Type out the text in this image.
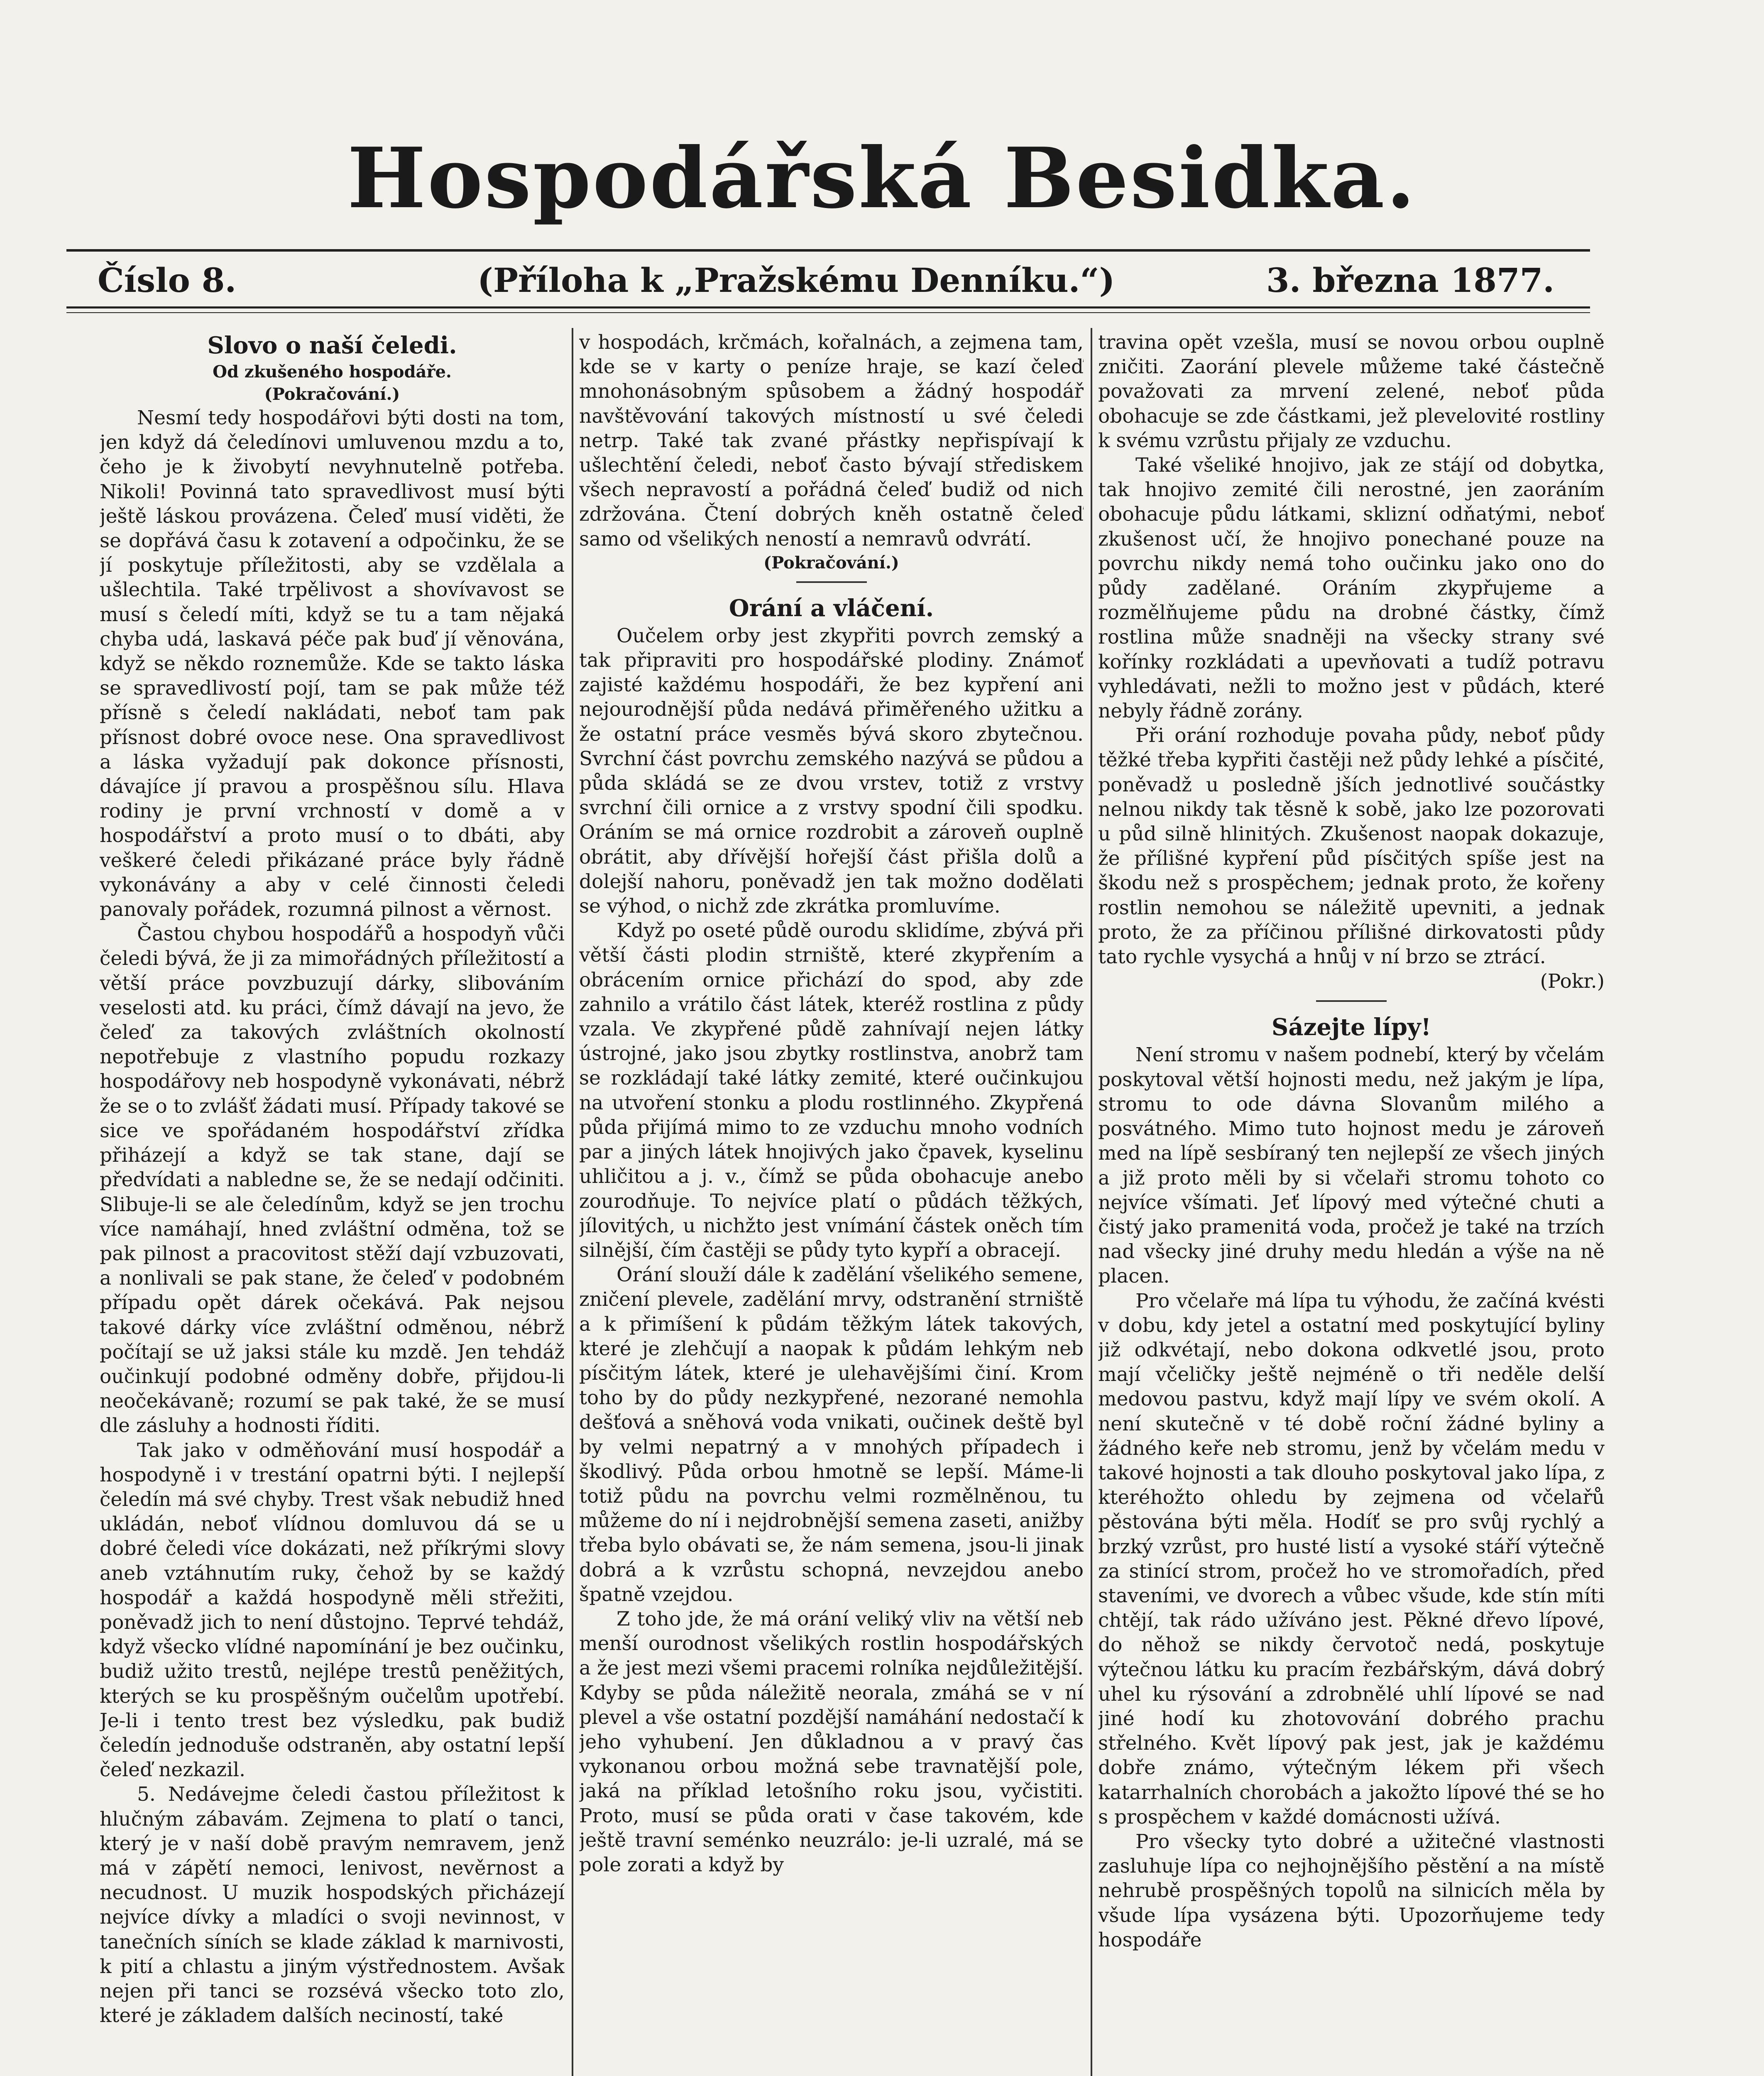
Hospodářská Besidka.
Číslo 8.	(Příloha k „Pražskému Denníku.“)	3. března 1877.
Slovo o naší čeledi.
Od zkušeného hospodáře.
(Pokračování.)

Nesmí tedy hospodářovi býti dosti na tom, jen když dá čeledínovi umluvenou mzdu a to, čeho je k živobytí nevyhnutelně potřeba. Nikoli! Povinná tato spravedlivost musí býti ještě láskou provázena. Čeleď musí viděti, že se dopřává času k zotavení a odpočinku, že se jí poskytuje příležitosti, aby se vzdělala a ušlechtila. Také trpělivost a shovívavost se musí s čeledí míti, když se tu a tam nějaká chyba udá, laskavá péče pak buď jí věnována, když se někdo roznemůže. Kde se takto láska se spravedlivostí pojí, tam se pak může též přísně s čeledí nakládati, neboť tam pak přísnost dobré ovoce nese. Ona spravedlivost a láska vyžadují pak dokonce přísnosti, dávajíce jí pravou a prospěšnou sílu. Hlava rodiny je první vrchností v domě a v hospodářství a proto musí o to dbáti, aby veškeré čeledi přikázané práce byly řádně vykonávány a aby v celé činnosti čeledi panovaly pořádek, rozumná pilnost a věrnost.

Častou chybou hospodářů a hospodyň vůči čeledi bývá, že ji za mimořádných příležitostí a větší práce povzbuzují dárky, slibováním veselosti atd. ku práci, čímž dávají na jevo, že čeleď za takových zvláštních okolností nepotřebuje z vlastního popudu rozkazy hospodářovy neb hospodyně vykonávati, nébrž že se o to zvlášť žádati musí. Případy takové se sice ve spořádaném hospodářství zřídka přiházejí a když se tak stane, dají se předvídati a nabledne se, že se nedají odčiniti. Slibuje-li se ale čeledínům, když se jen trochu více namáhají, hned zvláštní odměna, tož se pak pilnost a pracovitost stěží dají vzbuzovati, a nonlivali se pak stane, že čeleď v podobném případu opět dárek očekává. Pak nejsou takové dárky více zvláštní odměnou, nébrž počítají se už jaksi stále ku mzdě. Jen tehdáž oučinkují podobné odměny dobře, přijdou-li neočekávaně; rozumí se pak také, že se musí dle zásluhy a hodnosti říditi.

Tak jako v odměňování musí hospodář a hospodyně i v trestání opatrni býti. I nejlepší čeledín má své chyby. Trest však nebudiž hned ukládán, neboť vlídnou domluvou dá se u dobré čeledi více dokázati, než příkrými slovy aneb vztáhnutím ruky, čehož by se každý hospodář a každá hospodyně měli střežiti, poněvadž jich to není důstojno. Teprvé tehdáž, když všecko vlídné napomínání je bez oučinku, budiž užito trestů, nejlépe trestů peněžitých, kterých se ku prospěšným oučelům upotřebí. Je-li i tento trest bez výsledku, pak budiž čeledín jednoduše odstraněn, aby ostatní lepší čeleď nezkazil.

5. Nedávejme čeledi častou příležitost k hlučným zábavám. Zejmena to platí o tanci, který je v naší době pravým nemravem, jenž má v zápětí nemoci, lenivost, nevěrnost a necudnost. U muzik hospodských přicházejí nejvíce dívky a mladíci o svoji nevinnost, v tanečních síních se klade základ k marnivosti, k pití a chlastu a jiným výstřednostem. Avšak nejen při tanci se rozsévá všecko toto zlo, které je základem dalších neciností, také

v hospodách, krčmách, kořalnách, a zejmena tam, kde se v karty o peníze hraje, se kazí čeleď mnohonásobným spůsobem a žádný hospodář navštěvování takových místností u své čeledi netrp. Také tak zvané přástky nepřispívají k ušlechtění čeledi, neboť často bývají střediskem všech nepravostí a pořádná čeleď budiž od nich zdržována. Čtení dobrých kněh ostatně čeleď samo od všelikých neností a nemravů odvrátí.

(Pokračování.)
Orání a vláčení.

Oučelem orby jest zkypřiti povrch zemský a tak připraviti pro hospodářské plodiny. Známoť zajisté každému hospodáři, že bez kypření ani nejourodnější půda nedává přiměřeného užitku a že ostatní práce vesměs bývá skoro zbytečnou. Svrchní část povrchu zemského nazývá se půdou a půda skládá se ze dvou vrstev, totiž z vrstvy svrchní čili ornice a z vrstvy spodní čili spodku. Oráním se má ornice rozdrobit a zároveň ouplně obrátit, aby dřívější hořejší část přišla dolů a dolejší nahoru, poněvadž jen tak možno dodělati se výhod, o nichž zde zkrátka promluvíme.

Když po oseté půdě ourodu sklidíme, zbývá při větší části plodin strniště, které zkypřením a obrácením ornice přichází do spod, aby zde zahnilo a vrátilo část látek, kteréž rostlina z půdy vzala. Ve zkypřené půdě zahnívají nejen látky ústrojné, jako jsou zbytky rostlinstva, anobrž tam se rozkládají také látky zemité, které oučinkujou na utvoření stonku a plodu rostlinného. Zkypřená půda přijímá mimo to ze vzduchu mnoho vodních par a jiných látek hnojivých jako čpavek, kyselinu uhličitou a j. v., čímž se půda obohacuje anebo zourodňuje. To nejvíce platí o půdách těžkých, jílovitých, u nichžto jest vnímání částek oněch tím silnější, čím častěji se půdy tyto kypří a obracejí.

Orání slouží dále k zadělání všelikého semene, zničení plevele, zadělání mrvy, odstranění strniště a k přimíšení k půdám těžkým látek takových, které je zlehčují a naopak k půdám lehkým neb písčitým látek, které je ulehavějšími činí. Krom toho by do půdy nezkypřené, nezorané nemohla dešťová a sněhová voda vnikati, oučinek deště byl by velmi nepatrný a v mnohých případech i škodlivý. Půda orbou hmotně se lepší. Máme-li totiž půdu na povrchu velmi rozmělněnou, tu můžeme do ní i nejdrobnější semena zaseti, anižby třeba bylo obávati se, že nám semena, jsou-li jinak dobrá a k vzrůstu schopná, nevzejdou anebo špatně vzejdou.

Z toho jde, že má orání veliký vliv na větší neb menší ourodnost všelikých rostlin hospodářských a že jest mezi všemi pracemi rolníka nejdůležitější. Kdyby se půda náležitě neorala, zmáhá se v ní plevel a vše ostatní pozdější namáhání nedostačí k jeho vyhubení. Jen důkladnou a v pravý čas vykonanou orbou možná sebe travnatější pole, jaká na příklad letošního roku jsou, vyčistiti. Proto, musí se půda orati v čase takovém, kde ještě travní seménko neuzrálo: je-li uzralé, má se pole zorati a když by

travina opět vzešla, musí se novou orbou ouplně zničiti. Zaorání plevele můžeme také částečně považovati za mrvení zelené, neboť půda obohacuje se zde částkami, jež plevelovité rostliny k svému vzrůstu přijaly ze vzduchu.

Také všeliké hnojivo, jak ze stájí od dobytka, tak hnojivo zemité čili nerostné, jen zaoráním obohacuje půdu látkami, skliznί odňatými, neboť zkušenost učí, že hnojivo ponechané pouze na povrchu nikdy nemá toho oučinku jako ono do půdy zadělané. Oráním zkypřujeme a rozmělňujeme půdu na drobné částky, čímž rostlina může snadněji na všecky strany své kořínky rozkládati a upevňovati a tudíž potravu vyhledávati, nežli to možno jest v půdách, které nebyly řádně zorány.

Při orání rozhoduje povaha půdy, neboť půdy těžké třeba kypřiti častěji než půdy lehké a písčité, poněvadž u posledně jších jednotlivé součástky nelnou nikdy tak těsně k sobě, jako lze pozorovati u půd silně hlinitých. Zkušenost naopak dokazuje, že přílišné kypření půd písčitých spíše jest na škodu než s prospěchem; jednak proto, že kořeny rostlin nemohou se náležitě upevniti, a jednak proto, že za příčinou přílišné dirkovatosti půdy tato rychle vysychá a hnůj v ní brzo se ztrácí.

(Pokr.)

Sázejte lípy!

Není stromu v našem podnebí, který by včelám poskytoval větší hojnosti medu, než jakým je lípa, stromu to ode dávna Slovanům milého a posvátného. Mimo tuto hojnost medu je zároveň med na lípě sesbíraný ten nejlepší ze všech jiných a již proto měli by si včelaři stromu tohoto co nejvíce všímati. Jeť lípový med výtečné chuti a čistý jako pramenitá voda, pročež je také na trzích nad všecky jiné druhy medu hledán a výše na ně placen.

Pro včelaře má lípa tu výhodu, že začíná kvésti v dobu, kdy jetel a ostatní med poskytující byliny již odkvétají, nebo dokona odkvetlé jsou, proto mají včeličky ještě nejméně o tři neděle delší medovou pastvu, když mají lípy ve svém okolí. A není skutečně v té době roční žádné byliny a žádného keře neb stromu, jenž by včelám medu v takové hojnosti a tak dlouho poskytoval jako lípa, z kteréhožto ohledu by zejmena od včelařů pěstována býti měla. Hodíť se pro svůj rychlý a brzký vzrůst, pro husté listí a vysoké stáří výtečně za stinící strom, pročež ho ve stromořadích, před staveními, ve dvorech a vůbec všude, kde stín míti chtějí, tak rádo užíváno jest. Pěkné dřevo lípové, do něhož se nikdy červotoč nedá, poskytuje výtečnou látku ku pracím řezbářským, dává dobrý uhel ku rýsování a zdrobnělé uhlí lípové se nad jiné hodí ku zhotovování dobrého prachu střelného. Květ lípový pak jest, jak je každému dobře známo, výtečným lékem při všech katarrhalních chorobách a jakožto lípové thé se ho s prospěchem v každé domácnosti užívá.

Pro všecky tyto dobré a užitečné vlastnosti zasluhuje lípa co nejhojnějšího pěstění a na místě nehrubě prospěšných topolů na silnicích měla by všude lípa vysázena býti. Upozorňujeme tedy hospodáře
